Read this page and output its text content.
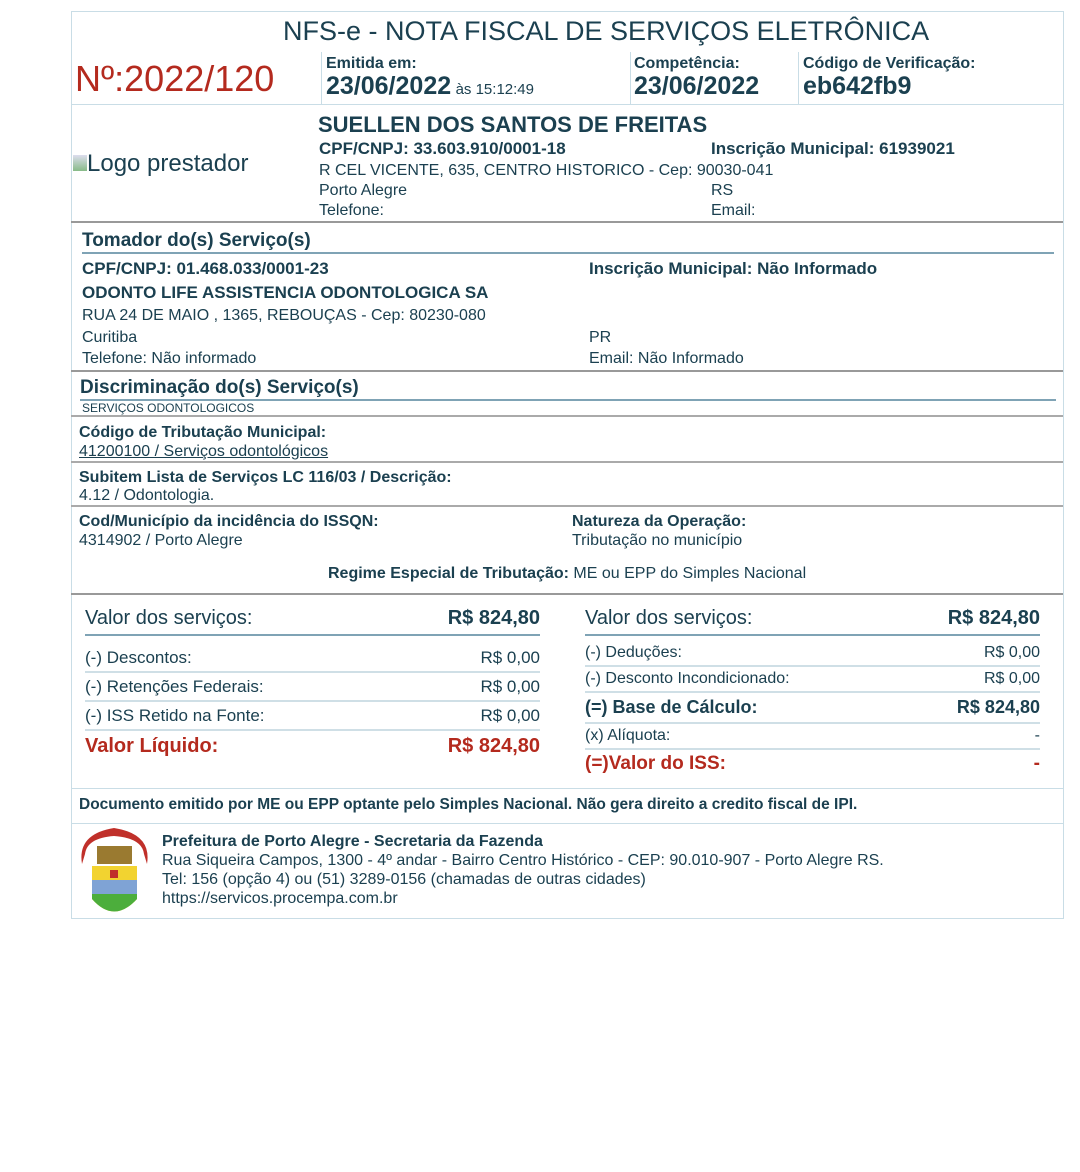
NFS-e - NOTA FISCAL DE SERVIÇOS ELETRÔNICA
Nº:2022/120	Emitida em:
23/06/2022 às 15:12:49
Competência:
23/06/2022
Código de Verificação:
eb642fb9
Logo prestador
SUELLEN DOS SANTOS DE FREITAS
CPF/CNPJ: 33.603.910/0001-18	Inscrição Municipal: 61939021
R CEL VICENTE, 635, CENTRO HISTORICO - Cep: 90030-041
Porto Alegre	RS
Telefone:	Email:
Tomador do(s) Serviço(s)
CPF/CNPJ: 01.468.033/0001-23	Inscrição Municipal: Não Informado
ODONTO LIFE ASSISTENCIA ODONTOLOGICA SA
RUA 24 DE MAIO , 1365, REBOUÇAS - Cep: 80230-080
Curitiba	PR
Telefone: Não informado	Email: Não Informado
Discriminação do(s) Serviço(s)
SERVIÇOS ODONTOLOGICOS
Código de Tributação Municipal:
41200100 / Serviços odontológicos
Subitem Lista de Serviços LC 116/03 / Descrição:
4.12 / Odontologia.
Cod/Município da incidência do ISSQN:
4314902 / Porto Alegre
Natureza da Operação:
Tributação no município
Regime Especial de Tributação: ME ou EPP do Simples Nacional
Valor dos serviços:	R$ 824,80
(-) Descontos:	R$ 0,00
(-) Retenções Federais:	R$ 0,00
(-) ISS Retido na Fonte:	R$ 0,00
Valor Líquido:	R$ 824,80
Valor dos serviços:	R$ 824,80
(-) Deduções:	R$ 0,00
(-) Desconto Incondicionado:	R$ 0,00
(=) Base de Cálculo:	R$ 824,80
(x) Alíquota:	-
(=)Valor do ISS:	-
Documento emitido por ME ou EPP optante pelo Simples Nacional. Não gera direito a credito fiscal de IPI.
Prefeitura de Porto Alegre - Secretaria da Fazenda
Rua Siqueira Campos, 1300 - 4º andar - Bairro Centro Histórico - CEP: 90.010-907 - Porto Alegre RS.
Tel: 156 (opção 4) ou (51) 3289-0156 (chamadas de outras cidades)
https://servicos.procempa.com.br
